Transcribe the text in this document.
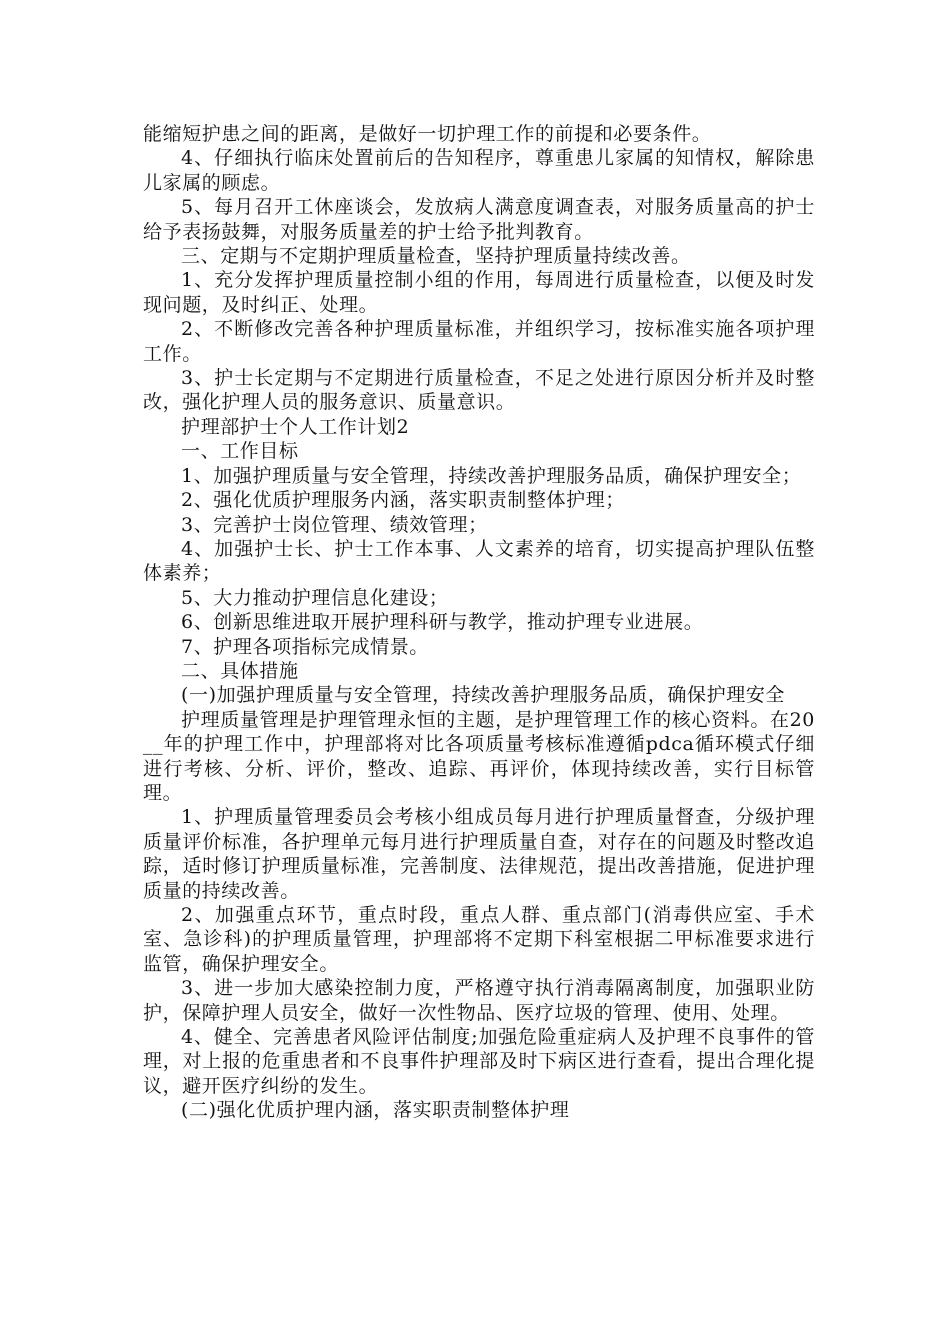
能缩短护患之间的距离，是做好一切护理工作的前提和必要条件。

4、仔细执行临床处置前后的告知程序，尊重患儿家属的知情权，解除患儿家属的顾虑。

5、每月召开工休座谈会，发放病人满意度调查表，对服务质量高的护士给予表扬鼓舞，对服务质量差的护士给予批判教育。

三、定期与不定期护理质量检查，坚持护理质量持续改善。

1、充分发挥护理质量控制小组的作用，每周进行质量检查，以便及时发现问题，及时纠正、处理。

2、不断修改完善各种护理质量标准，并组织学习，按标准实施各项护理工作。

3、护士长定期与不定期进行质量检查，不足之处进行原因分析并及时整改，强化护理人员的服务意识、质量意识。

护理部护士个人工作计划2

一、工作目标

1、加强护理质量与安全管理，持续改善护理服务品质，确保护理安全；

2、强化优质护理服务内涵，落实职责制整体护理；

3、完善护士岗位管理、绩效管理；

4、加强护士长、护士工作本事、人文素养的培育，切实提高护理队伍整体素养；

5、大力推动护理信息化建设；

6、创新思维进取开展护理科研与教学，推动护理专业进展。

7、护理各项指标完成情景。

二、具体措施

(一)加强护理质量与安全管理，持续改善护理服务品质，确保护理安全

护理质量管理是护理管理永恒的主题，是护理管理工作的核心资料。在20__年的护理工作中，护理部将对比各项质量考核标准遵循pdca循环模式仔细进行考核、分析、评价，整改、追踪、再评价，体现持续改善，实行目标管理。

1、护理质量管理委员会考核小组成员每月进行护理质量督查，分级护理质量评价标准，各护理单元每月进行护理质量自查，对存在的问题及时整改追踪，适时修订护理质量标准，完善制度、法律规范，提出改善措施，促进护理质量的持续改善。

2、加强重点环节，重点时段，重点人群、重点部门(消毒供应室、手术室、急诊科)的护理质量管理，护理部将不定期下科室根据二甲标准要求进行监管，确保护理安全。

3、进一步加大感染控制力度，严格遵守执行消毒隔离制度，加强职业防护，保障护理人员安全，做好一次性物品、医疗垃圾的管理、使用、处理。

4、健全、完善患者风险评估制度;加强危险重症病人及护理不良事件的管理，对上报的危重患者和不良事件护理部及时下病区进行查看，提出合理化提议，避开医疗纠纷的发生。

(二)强化优质护理内涵，落实职责制整体护理
